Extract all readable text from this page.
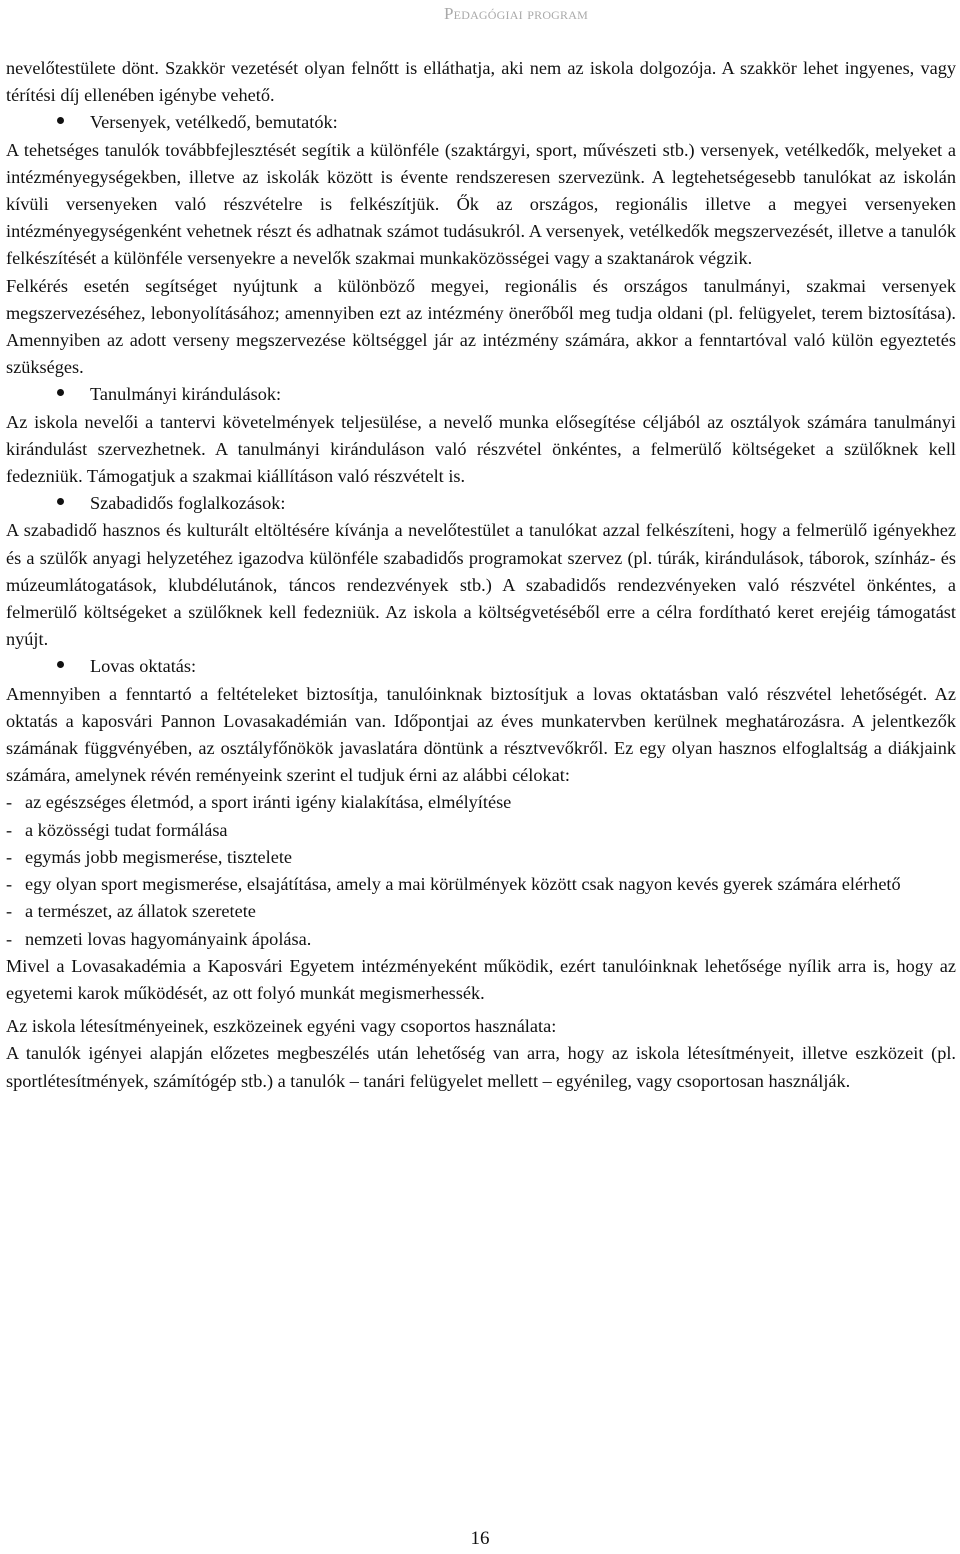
Pedagógiai program

nevelőtestülete dönt. Szakkör vezetését olyan felnőtt is elláthatja, aki nem az iskola dolgozója. A szakkör lehet ingyenes, vagy térítési díj ellenében igénybe vehető.

Versenyek, vetélkedő, bemutatók:

A tehetséges tanulók továbbfejlesztését segítik a különféle (szaktárgyi, sport, művészeti stb.) versenyek, vetélkedők, melyeket a intézményegységekben, illetve az iskolák között is évente rendszeresen szervezünk. A legtehetségesebb tanulókat az iskolán kívüli versenyeken való részvételre is felkészítjük. Ők az országos, regionális illetve a megyei versenyeken intézményegységenként vehetnek részt és adhatnak számot tudásukról. A versenyek, vetélkedők megszervezését, illetve a tanulók felkészítését a különféle versenyekre a nevelők szakmai munkaközösségei vagy a szaktanárok végzik.

Felkérés esetén segítséget nyújtunk a különböző megyei, regionális és országos tanulmányi, szakmai versenyek megszervezéséhez, lebonyolításához; amennyiben ezt az intézmény önerőből meg tudja oldani (pl. felügyelet, terem biztosítása). Amennyiben az adott verseny megszervezése költséggel jár az intézmény számára, akkor a fenntartóval való külön egyeztetés szükséges.

Tanulmányi kirándulások:

Az iskola nevelői a tantervi követelmények teljesülése, a nevelő munka elősegítése céljából az osztályok számára tanulmányi kirándulást szervezhetnek. A tanulmányi kiránduláson való részvétel önkéntes, a felmerülő költségeket a szülőknek kell fedezniük. Támogatjuk a szakmai kiállításon való részvételt is.

Szabadidős foglalkozások:

A szabadidő hasznos és kulturált eltöltésére kívánja a nevelőtestület a tanulókat azzal felkészíteni, hogy a felmerülő igényekhez és a szülők anyagi helyzetéhez igazodva különféle szabadidős programokat szervez (pl. túrák, kirándulások, táborok, színház- és múzeumlátogatások, klubdélutánok, táncos rendezvények stb.) A szabadidős rendezvényeken való részvétel önkéntes, a felmerülő költségeket a szülőknek kell fedezniük. Az iskola a költségvetéséből erre a célra fordítható keret erejéig támogatást nyújt.

Lovas oktatás:

Amennyiben a fenntartó a feltételeket biztosítja, tanulóinknak biztosítjuk a lovas oktatásban való részvétel lehetőségét. Az oktatás a kaposvári Pannon Lovasakadémián van. Időpontjai az éves munkatervben kerülnek meghatározásra. A jelentkezők számának függvényében, az osztályfőnökök javaslatára döntünk a résztvevőkről. Ez egy olyan hasznos elfoglaltság a diákjaink számára, amelynek révén reményeink szerint el tudjuk érni az alábbi célokat:

- az egészséges életmód, a sport iránti igény kialakítása, elmélyítése
- a közösségi tudat formálása
- egymás jobb megismerése, tisztelete
- egy olyan sport megismerése, elsajátítása, amely a mai körülmények között csak nagyon kevés gyerek számára elérhető
- a természet, az állatok szeretete
- nemzeti lovas hagyományaink ápolása.

Mivel a Lovasakadémia a Kaposvári Egyetem intézményeként működik, ezért tanulóinknak lehetősége nyílik arra is, hogy az egyetemi karok működését, az ott folyó munkát megismerhessék.

Az iskola létesítményeinek, eszközeinek egyéni vagy csoportos használata:

A tanulók igényei alapján előzetes megbeszélés után lehetőség van arra, hogy az iskola létesítményeit, illetve eszközeit (pl. sportlétesítmények, számítógép stb.) a tanulók – tanári felügyelet mellett – egyénileg, vagy csoportosan használják.

16
